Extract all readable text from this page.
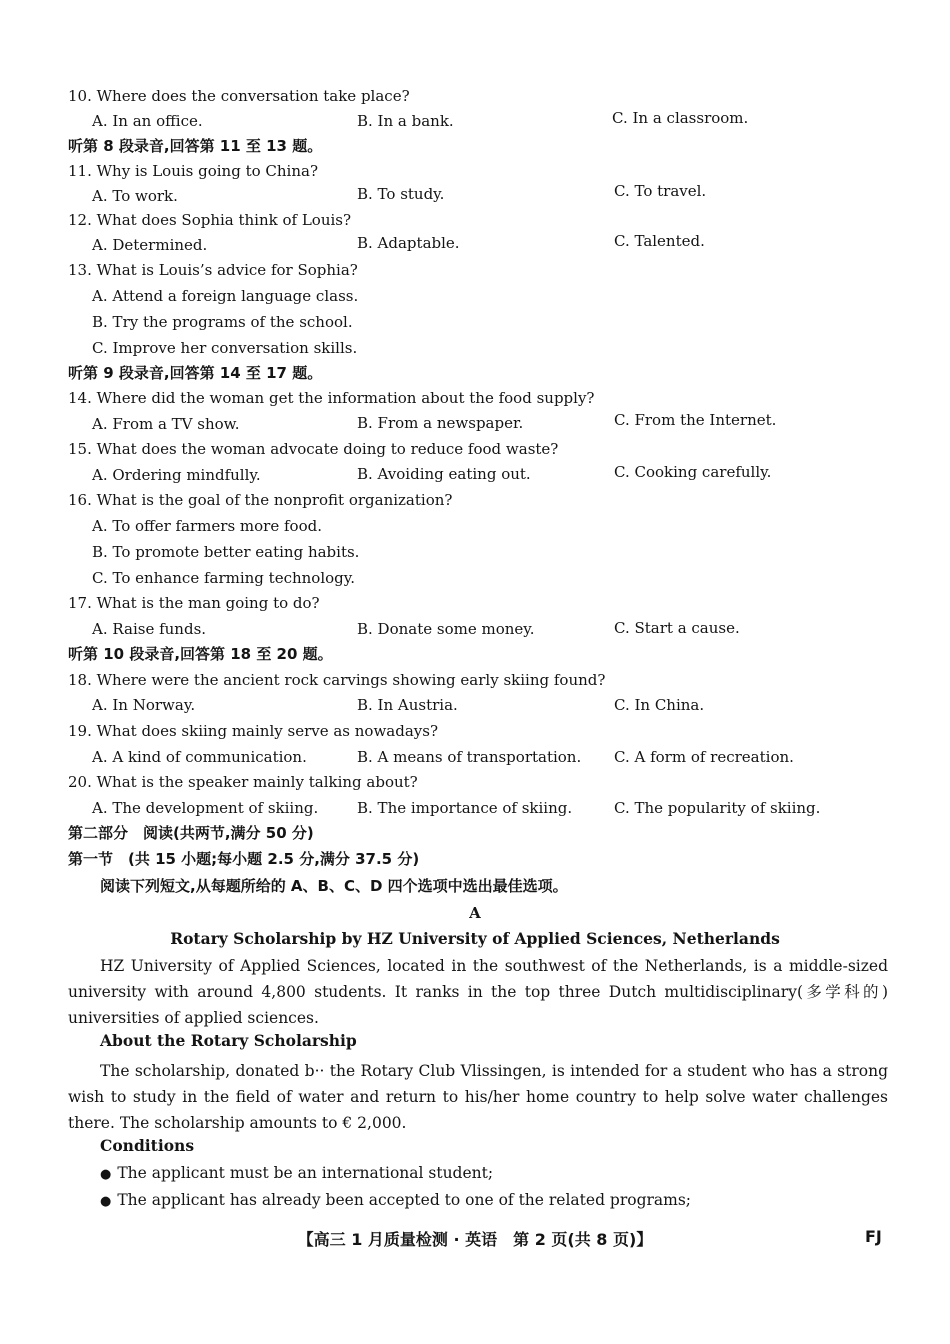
10. Where does the conversation take place?
A. In an office.	B. In a bank.	C. In a classroom.
听第 8 段录音,回答第 11 至 13 题。
11. Why is Louis going to China?
A. To work.	B. To study.	C. To travel.
12. What does Sophia think of Louis?
A. Determined.	B. Adaptable.	C. Talented.
13. What is Louis’s advice for Sophia?
A. Attend a foreign language class.
B. Try the programs of the school.
C. Improve her conversation skills.
听第 9 段录音,回答第 14 至 17 题。
14. Where did the woman get the information about the food supply?
A. From a TV show.	B. From a newspaper.	C. From the Internet.
15. What does the woman advocate doing to reduce food waste?
A. Ordering mindfully.	B. Avoiding eating out.	C. Cooking carefully.
16. What is the goal of the nonprofit organization?
A. To offer farmers more food.
B. To promote better eating habits.
C. To enhance farming technology.
17. What is the man going to do?
A. Raise funds.	B. Donate some money.	C. Start a cause.
听第 10 段录音,回答第 18 至 20 题。
18. Where were the ancient rock carvings showing early skiing found?
A. In Norway.	B. In Austria.	C. In China.
19. What does skiing mainly serve as nowadays?
A. A kind of communication.	B. A means of transportation. C. A form of recreation.
20. What is the speaker mainly talking about?
A. The development of skiing.	B. The importance of skiing.	C. The popularity of skiing.
第二部分　阅读(共两节,满分 50 分)
第一节　(共 15 小题;每小题 2.5 分,满分 37.5 分)
阅读下列短文,从每题所给的 A、B、C、D 四个选项中选出最佳选项。
A
Rotary Scholarship by HZ University of Applied Sciences, Netherlands
HZ University of Applied Sciences, located in the southwest of the Netherlands, is a middle-sized university with around 4,800 students. It ranks in the top three Dutch multidisciplinary(多学科的) universities of applied sciences.
About the Rotary Scholarship
The scholarship, donated b·· the Rotary Club Vlissingen, is intended for a student who has a strong wish to study in the field of water and return to his/her home country to help solve water challenges there. The scholarship amounts to € 2,000.
Conditions
● The applicant must be an international student;
● The applicant has already been accepted to one of the related programs;
【高三 1 月质量检测 · 英语　第 2 页(共 8 页)】	FJ
